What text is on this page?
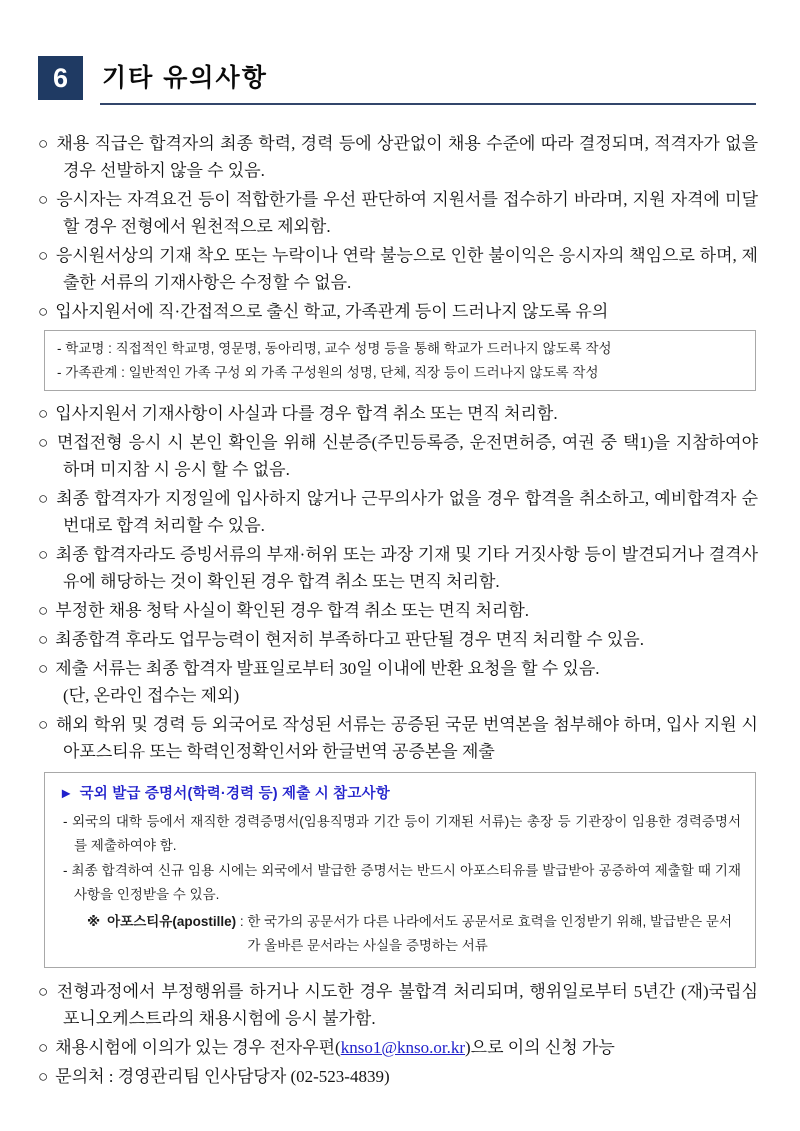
6	기타 유의사항
○ 채용 직급은 합격자의 최종 학력, 경력 등에 상관없이 채용 수준에 따라 결정되며, 적격자가 없을 경우 선발하지 않을 수 있음.
○ 응시자는 자격요건 등이 적합한가를 우선 판단하여 지원서를 접수하기 바라며, 지원 자격에 미달할 경우 전형에서 원천적으로 제외함.
○ 응시원서상의 기재 착오 또는 누락이나 연락 불능으로 인한 불이익은 응시자의 책임으로 하며, 제출한 서류의 기재사항은 수정할 수 없음.
○ 입사지원서에 직·간접적으로 출신 학교, 가족관계 등이 드러나지 않도록 유의
- 학교명 : 직접적인 학교명, 영문명, 동아리명, 교수 성명 등을 통해 학교가 드러나지 않도록 작성
- 가족관계 : 일반적인 가족 구성 외 가족 구성원의 성명, 단체, 직장 등이 드러나지 않도록 작성
○ 입사지원서 기재사항이 사실과 다를 경우 합격 취소 또는 면직 처리함.
○ 면접전형 응시 시 본인 확인을 위해 신분증(주민등록증, 운전면허증, 여권 중 택1)을 지참하여야 하며 미지참 시 응시 할 수 없음.
○ 최종 합격자가 지정일에 입사하지 않거나 근무의사가 없을 경우 합격을 취소하고, 예비합격자 순번대로 합격 처리할 수 있음.
○ 최종 합격자라도 증빙서류의 부재·허위 또는 과장 기재 및 기타 거짓사항 등이 발견되거나 결격사유에 해당하는 것이 확인된 경우 합격 취소 또는 면직 처리함.
○ 부정한 채용 청탁 사실이 확인된 경우 합격 취소 또는 면직 처리함.
○ 최종합격 후라도 업무능력이 현저히 부족하다고 판단될 경우 면직 처리할 수 있음.
○ 제출 서류는 최종 합격자 발표일로부터 30일 이내에 반환 요청을 할 수 있음.
(단, 온라인 접수는 제외)
○ 해외 학위 및 경력 등 외국어로 작성된 서류는 공증된 국문 번역본을 첨부해야 하며, 입사 지원 시 아포스티유 또는 학력인정확인서와 한글번역 공증본을 제출
► 국외 발급 증명서(학력·경력 등) 제출 시 참고사항
- 외국의 대학 등에서 재직한 경력증명서(임용직명과 기간 등이 기재된 서류)는 총장 등 기관장이 임용한 경력증명서를 제출하여야 함.
- 최종 합격하여 신규 임용 시에는 외국에서 발급한 증명서는 반드시 아포스티유를 발급받아 공증하여 제출할 때 기재사항을 인정받을 수 있음.
※ 아포스티유(apostille) : 한 국가의 공문서가 다른 나라에서도 공문서로 효력을 인정받기 위해, 발급받은 문서가 올바른 문서라는 사실을 증명하는 서류
○ 전형과정에서 부정행위를 하거나 시도한 경우 불합격 처리되며, 행위일로부터 5년간 (재)국립심포니오케스트라의 채용시험에 응시 불가함.
○ 채용시험에 이의가 있는 경우 전자우편(knso1@knso.or.kr)으로 이의 신청 가능
○ 문의처 : 경영관리팀 인사담당자 (02-523-4839)
